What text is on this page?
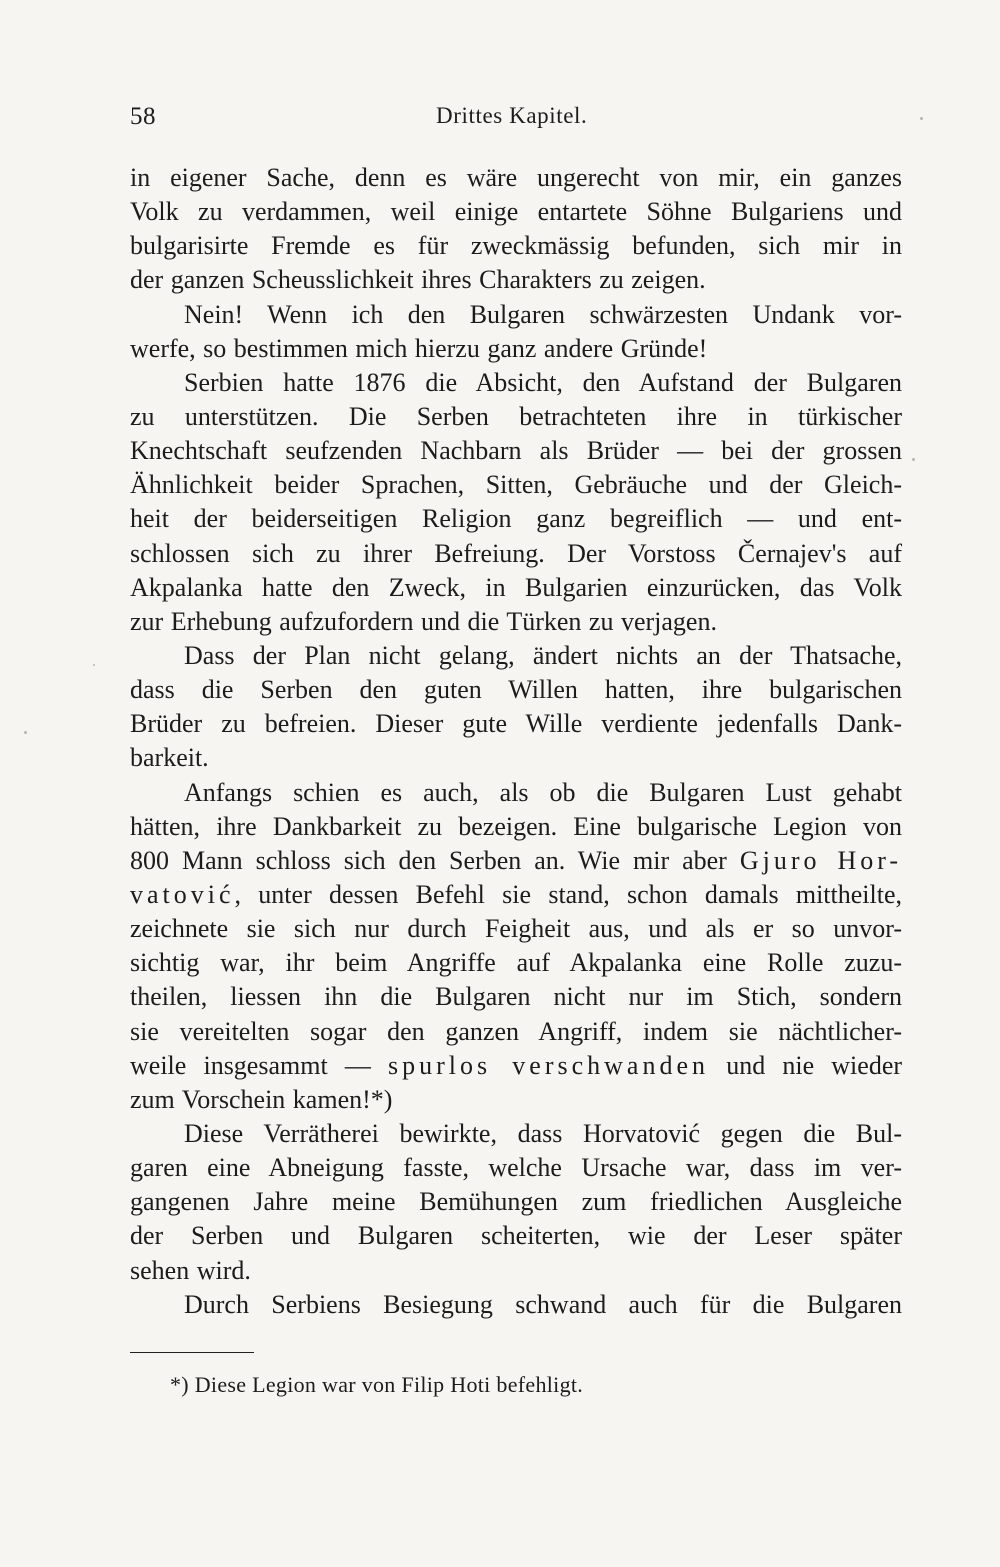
58	Drittes Kapitel.
in eigener Sache, denn es wäre ungerecht von mir, ein ganzes
Volk zu verdammen, weil einige entartete Söhne Bulgariens und
bulgarisirte Fremde es für zweckmässig befunden, sich mir in
der ganzen Scheusslichkeit ihres Charakters zu zeigen.
Nein! Wenn ich den Bulgaren schwärzesten Undank vor-
werfe, so bestimmen mich hierzu ganz andere Gründe!
Serbien hatte 1876 die Absicht, den Aufstand der Bulgaren
zu unterstützen. Die Serben betrachteten ihre in türkischer
Knechtschaft seufzenden Nachbarn als Brüder — bei der grossen
Ähnlichkeit beider Sprachen, Sitten, Gebräuche und der Gleich-
heit der beiderseitigen Religion ganz begreiflich — und ent-
schlossen sich zu ihrer Befreiung. Der Vorstoss Černajev's auf
Akpalanka hatte den Zweck, in Bulgarien einzurücken, das Volk
zur Erhebung aufzufordern und die Türken zu verjagen.
Dass der Plan nicht gelang, ändert nichts an der Thatsache,
dass die Serben den guten Willen hatten, ihre bulgarischen
Brüder zu befreien. Dieser gute Wille verdiente jedenfalls Dank-
barkeit.
Anfangs schien es auch, als ob die Bulgaren Lust gehabt
hätten, ihre Dankbarkeit zu bezeigen. Eine bulgarische Legion von
800 Mann schloss sich den Serben an. Wie mir aber Gjuro Hor-
vatović, unter dessen Befehl sie stand, schon damals mittheilte,
zeichnete sie sich nur durch Feigheit aus, und als er so unvor-
sichtig war, ihr beim Angriffe auf Akpalanka eine Rolle zuzu-
theilen, liessen ihn die Bulgaren nicht nur im Stich, sondern
sie vereitelten sogar den ganzen Angriff, indem sie nächtlicher-
weile insgesammt — spurlos verschwanden und nie wieder
zum Vorschein kamen!*)
Diese Verrätherei bewirkte, dass Horvatović gegen die Bul-
garen eine Abneigung fasste, welche Ursache war, dass im ver-
gangenen Jahre meine Bemühungen zum friedlichen Ausgleiche
der Serben und Bulgaren scheiterten, wie der Leser später
sehen wird.
Durch Serbiens Besiegung schwand auch für die Bulgaren
*) Diese Legion war von Filip Hoti befehligt.
